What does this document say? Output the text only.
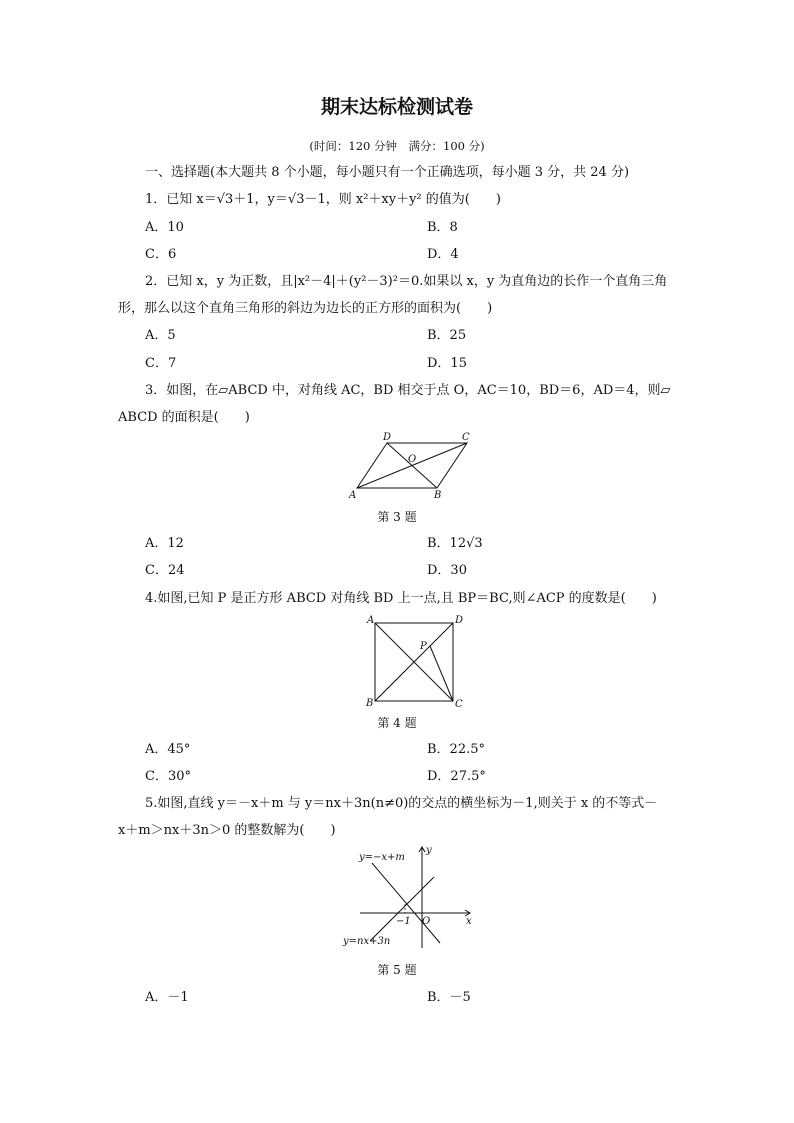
期末达标检测试卷
(时间：120 分钟　满分：100 分)
一、选择题(本大题共 8 个小题，每小题只有一个正确选项，每小题 3 分，共 24 分)
1．已知 x＝√3＋1，y＝√3－1，则 x²＋xy＋y² 的值为(　　)
A．10	B．8
C．6	D．4
2．已知 x，y 为正数，且|x²－4|＋(y²－3)²＝0.如果以 x，y 为直角边的长作一个直角三角
形，那么以这个直角三角形的斜边为边长的正方形的面积为(　　)
A．5	B．25
C．7	D．15
3．如图，在▱ABCD 中，对角线 AC，BD 相交于点 O，AC＝10，BD＝6，AD＝4，则▱
ABCD 的面积是(　　)
A	B
C
D
O
第 3 题
A．12	B．12√3
C．24	D．30
4.如图,已知 P 是正方形 ABCD 对角线 BD 上一点,且 BP＝BC,则∠ACP 的度数是(　　)
A	D
B	C
P
第 4 题
A．45°	B．22.5°
C．30°	D．27.5°
5.如图,直线 y＝－x＋m 与 y＝nx＋3n(n≠0)的交点的横坐标为－1,则关于 x 的不等式－
x＋m＞nx＋3n＞0 的整数解为(　　)
y=−x+m
y=nx+3n
x
y
O
−1
第 5 题
A．－1	B．－5
